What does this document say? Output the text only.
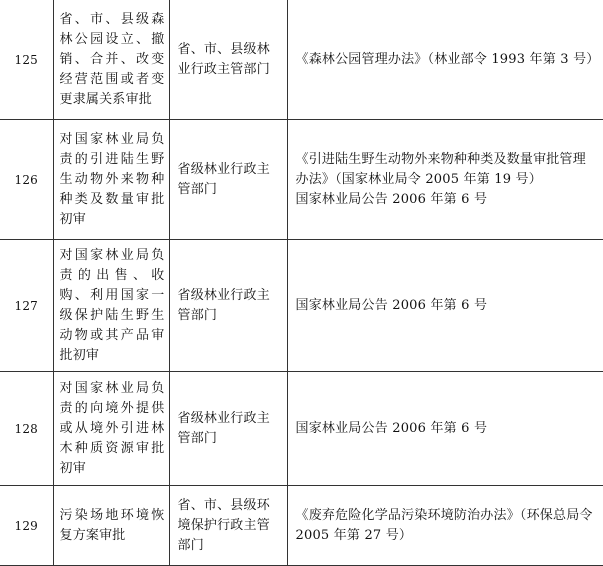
125	省、市、县级森林公园设立、撤销、合并、改变经营范围或者变更隶属关系审批	省、市、县级林业行政主管部门	《森林公园管理办法》（林业部令 1993 年第 3 号）

126	对国家林业局负责的引进陆生野生动物外来物种种类及数量审批初审	省级林业行政主管部门	《引进陆生野生动物外来物种种类及数量审批管理办法》（国家林业局令 2005 年第 19 号）
国家林业局公告 2006 年第 6 号

127	对国家林业局负责的出售、收购、利用国家一级保护陆生野生动物或其产品审批初审	省级林业行政主管部门	国家林业局公告 2006 年第 6 号

128	对国家林业局负责的向境外提供或从境外引进林木种质资源审批初审	省级林业行政主管部门	国家林业局公告 2006 年第 6 号

129	污染场地环境恢复方案审批	省、市、县级环境保护行政主管部门	《废弃危险化学品污染环境防治办法》（环保总局令 2005 年第 27 号）
